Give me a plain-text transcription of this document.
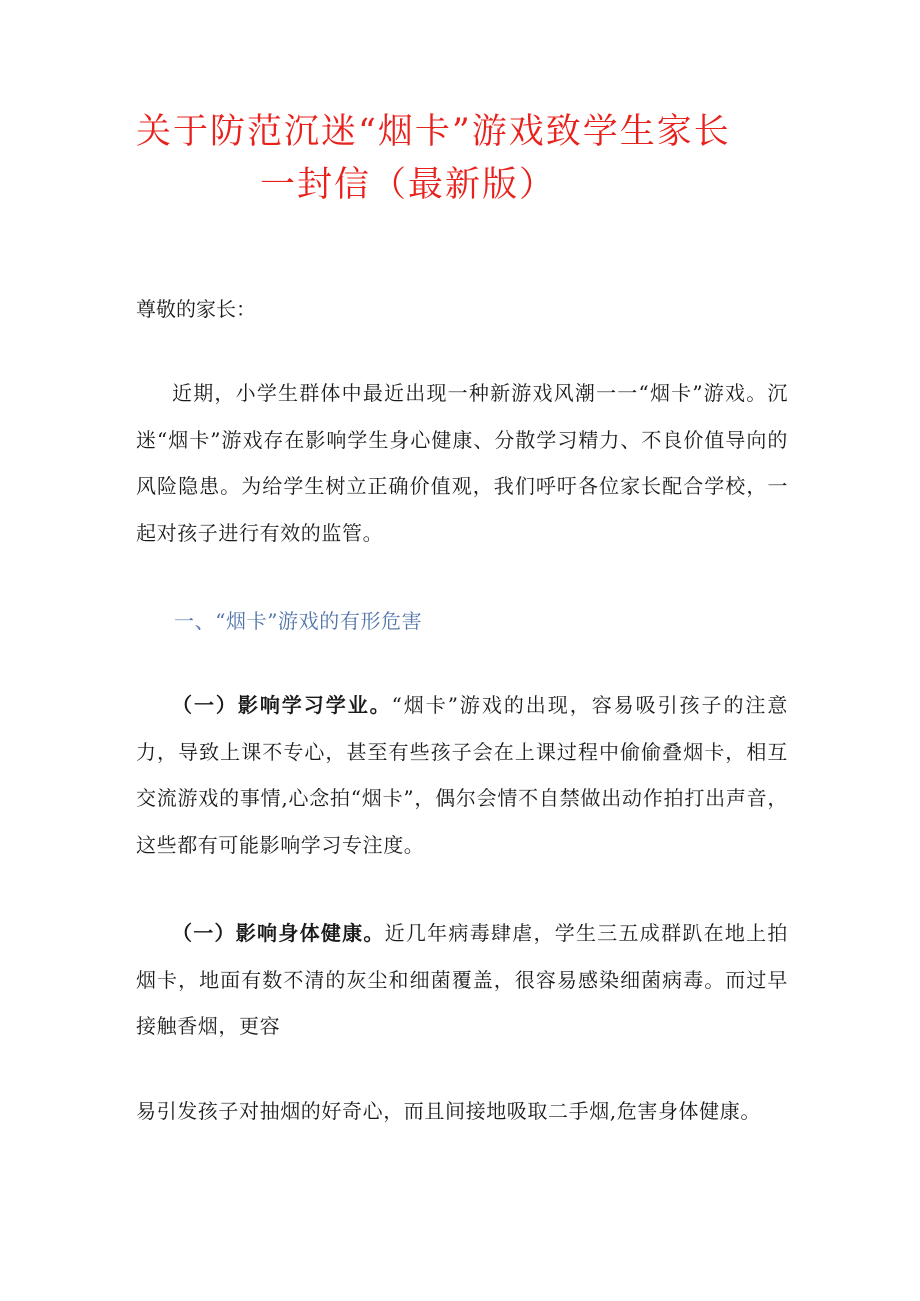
关于防范沉迷“烟卡”游戏致学生家长
一封信（最新版）

尊敬的家长：

近期，小学生群体中最近出现一种新游戏风潮一一“烟卡”游戏。沉迷“烟卡”游戏存在影响学生身心健康、分散学习精力、不良价值导向的风险隐患。为给学生树立正确价值观，我们呼吁各位家长配合学校，一起对孩子进行有效的监管。

一、“烟卡”游戏的有形危害

（一）影响学习学业。“烟卡”游戏的出现，容易吸引孩子的注意力，导致上课不专心，甚至有些孩子会在上课过程中偷偷叠烟卡，相互交流游戏的事情,心念拍“烟卡”，偶尔会情不自禁做出动作拍打出声音，这些都有可能影响学习专注度。

（一）影响身体健康。近几年病毒肆虐，学生三五成群趴在地上拍烟卡，地面有数不清的灰尘和细菌覆盖，很容易感染细菌病毒。而过早接触香烟，更容

易引发孩子对抽烟的好奇心，而且间接地吸取二手烟,危害身体健康。
